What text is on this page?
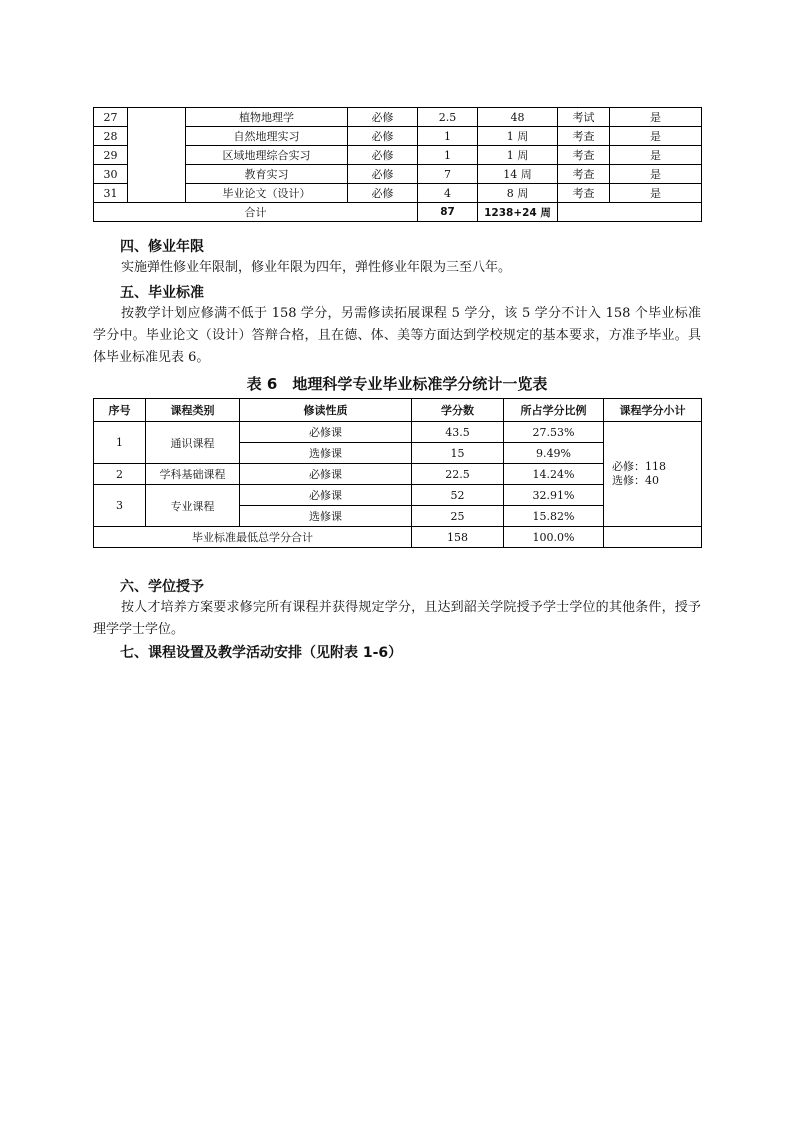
27		植物地理学	必修	2.5	48	考试	是
28		自然地理实习	必修	1	1 周	考查	是
29		区域地理综合实习	必修	1	1 周	考查	是
30		教育实习	必修	7	14 周	考查	是
31		毕业论文（设计）	必修	4	8 周	考查	是
合计				87	1238+24 周		
四、修业年限
实施弹性修业年限制，修业年限为四年，弹性修业年限为三至八年。
五、毕业标准
按教学计划应修满不低于 158 学分，另需修读拓展课程 5 学分，该 5 学分不计入 158 个毕业标准学分中。毕业论文（设计）答辩合格，且在德、体、美等方面达到学校规定的基本要求，方准予毕业。具体毕业标准见表 6。
表 6　地理科学专业毕业标准学分统计一览表
序号	课程类别	修读性质	学分数	所占学分比例	课程学分小计
1	通识课程	必修课	43.5	27.53%	必修：118
选修：40

		选修课	15	9.49%	
2	学科基础课程	必修课	22.5	14.24%	
3	专业课程	必修课	52	32.91%	
		选修课	25	15.82%	
毕业标准最低总学分合计			158	100.0%	
六、学位授予
按人才培养方案要求修完所有课程并获得规定学分，且达到韶关学院授予学士学位的其他条件，授予理学学士学位。
七、课程设置及教学活动安排（见附表 1-6）
